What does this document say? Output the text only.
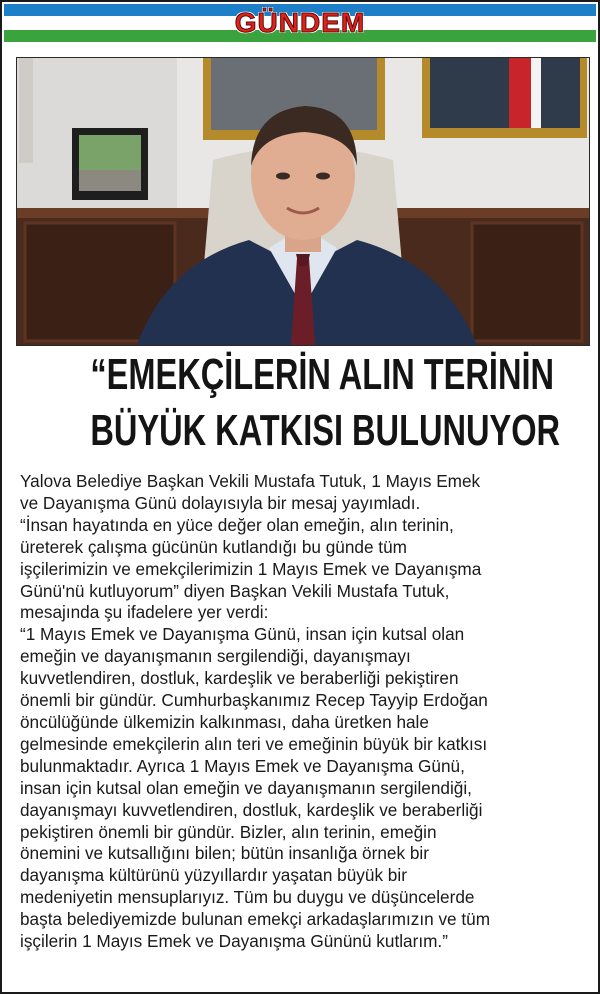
GÜNDEM
“EMEKÇİLERİN ALIN TERİNİN
BÜYÜK KATKISI BULUNUYOR
Yalova Belediye Başkan Vekili Mustafa Tutuk, 1 Mayıs Emek
ve Dayanışma Günü dolayısıyla bir mesaj yayımladı.
“İnsan hayatında en yüce değer olan emeğin, alın terinin,
üreterek çalışma gücünün kutlandığı bu günde tüm
işçilerimizin ve emekçilerimizin 1 Mayıs Emek ve Dayanışma
Günü'nü kutluyorum” diyen Başkan Vekili Mustafa Tutuk,
mesajında şu ifadelere yer verdi:
“1 Mayıs Emek ve Dayanışma Günü, insan için kutsal olan
emeğin ve dayanışmanın sergilendiği, dayanışmayı
kuvvetlendiren, dostluk, kardeşlik ve beraberliği pekiştiren
önemli bir gündür. Cumhurbaşkanımız Recep Tayyip Erdoğan
öncülüğünde ülkemizin kalkınması, daha üretken hale
gelmesinde emekçilerin alın teri ve emeğinin büyük bir katkısı
bulunmaktadır. Ayrıca 1 Mayıs Emek ve Dayanışma Günü,
insan için kutsal olan emeğin ve dayanışmanın sergilendiği,
dayanışmayı kuvvetlendiren, dostluk, kardeşlik ve beraberliği
pekiştiren önemli bir gündür. Bizler, alın terinin, emeğin
önemini ve kutsallığını bilen; bütün insanlığa örnek bir
dayanışma kültürünü yüzyıllardır yaşatan büyük bir
medeniyetin mensuplarıyız. Tüm bu duygu ve düşüncelerde
başta belediyemizde bulunan emekçi arkadaşlarımızın ve tüm
işçilerin 1 Mayıs Emek ve Dayanışma Gününü kutlarım.”
